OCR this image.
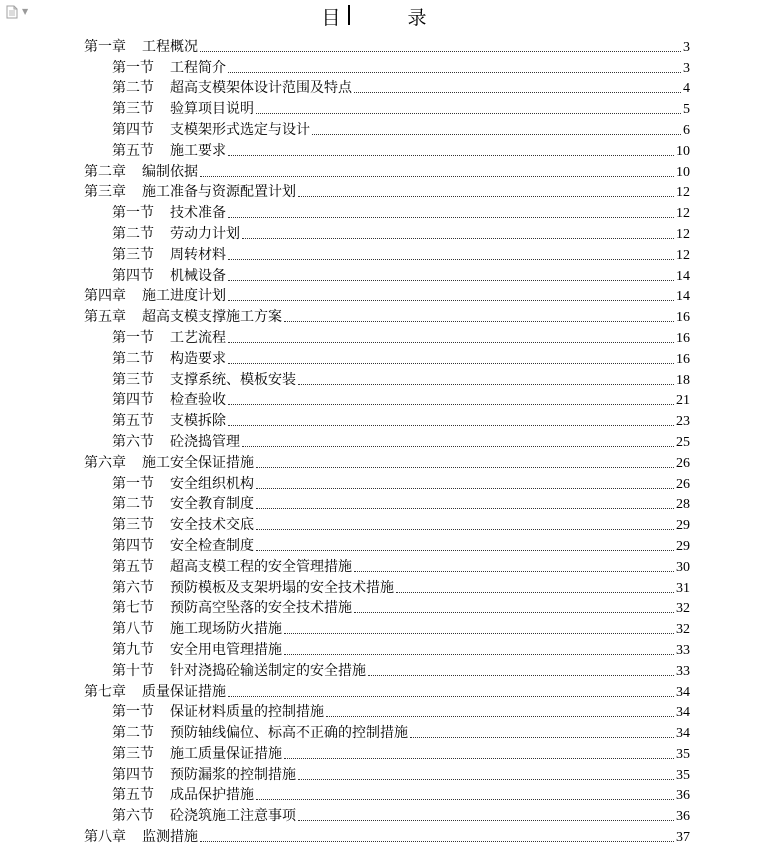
▼	目　录
第一章 工程概况	3
第一节 工程简介	3
第二节 超高支模架体设计范围及特点	4
第三节 验算项目说明	5
第四节 支模架形式选定与设计	6
第五节 施工要求	10
第二章 编制依据	10
第三章 施工准备与资源配置计划	12
第一节 技术准备	12
第二节 劳动力计划	12
第三节 周转材料	12
第四节 机械设备	14
第四章 施工进度计划	14
第五章 超高支模支撑施工方案	16
第一节 工艺流程	16
第二节 构造要求	16
第三节 支撑系统、模板安装	18
第四节 检查验收	21
第五节 支模拆除	23
第六节 砼浇捣管理	25
第六章 施工安全保证措施	26
第一节 安全组织机构	26
第二节 安全教育制度	28
第三节 安全技术交底	29
第四节 安全检查制度	29
第五节 超高支模工程的安全管理措施	30
第六节 预防模板及支架坍塌的安全技术措施	31
第七节 预防高空坠落的安全技术措施	32
第八节 施工现场防火措施	32
第九节 安全用电管理措施	33
第十节 针对浇捣砼输送制定的安全措施	33
第七章 质量保证措施	34
第一节 保证材料质量的控制措施	34
第二节 预防轴线偏位、标高不正确的控制措施	34
第三节 施工质量保证措施	35
第四节 预防漏浆的控制措施	35
第五节 成品保护措施	36
第六节 砼浇筑施工注意事项	36
第八章 监测措施	37
